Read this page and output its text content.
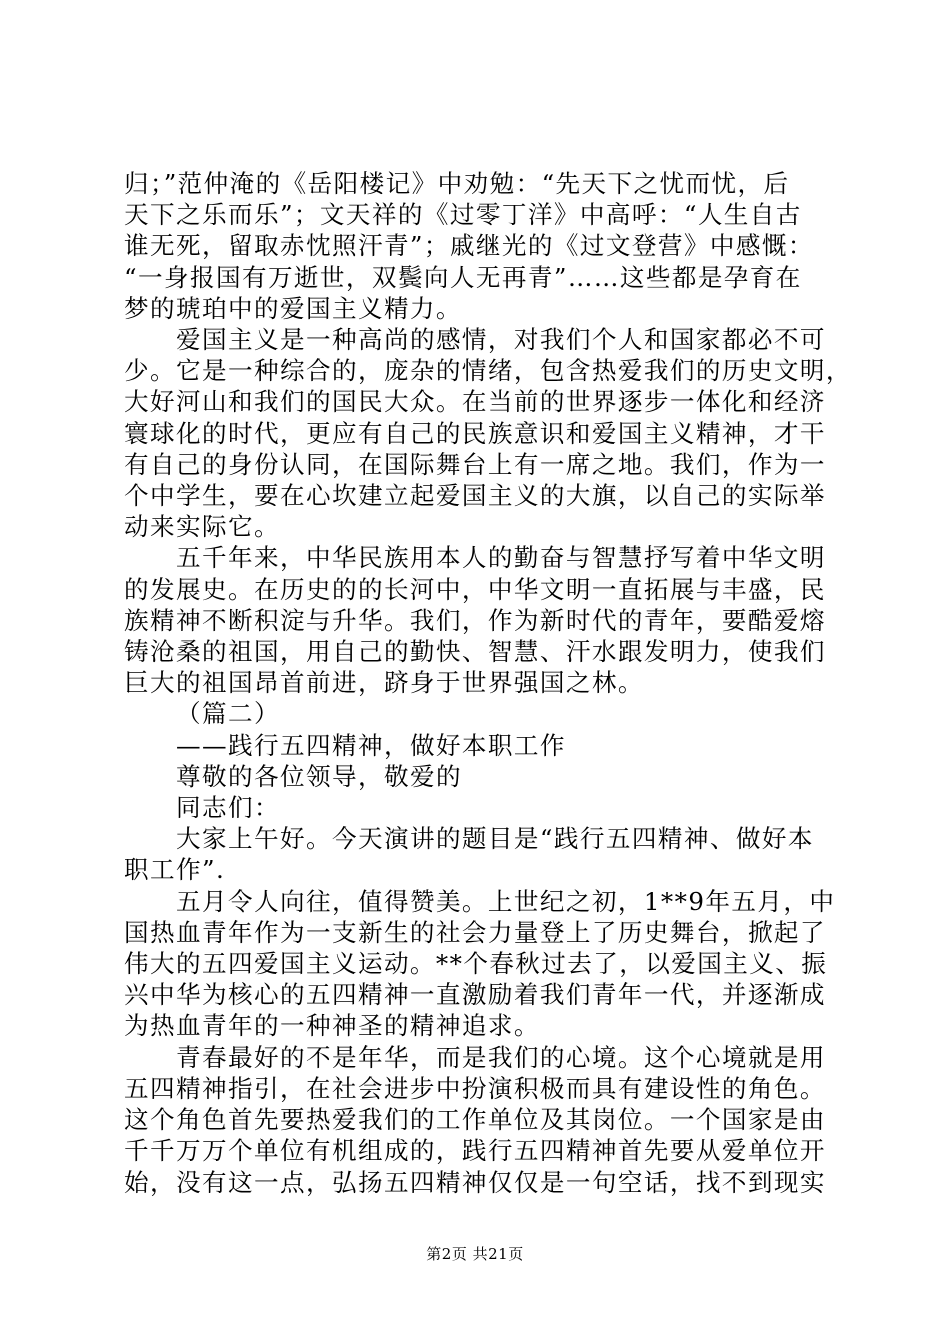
归；”范仲淹的《岳阳楼记》中劝勉：“先天下之忧而忧，后
天下之乐而乐”；文天祥的《过零丁洋》中高呼：“人生自古
谁无死，留取赤忱照汗青”；戚继光的《过文登营》中感慨：
“一身报国有万逝世，双鬓向人无再青”……这些都是孕育在
梦的琥珀中的爱国主义精力。

爱国主义是一种高尚的感情，对我们个人和国家都必不可
少。它是一种综合的，庞杂的情绪，包含热爱我们的历史文明，
大好河山和我们的国民大众。在当前的世界逐步一体化和经济
寰球化的时代，更应有自己的民族意识和爱国主义精神，才干
有自己的身份认同，在国际舞台上有一席之地。我们，作为一
个中学生，要在心坎建立起爱国主义的大旗，以自己的实际举
动来实际它。

五千年来，中华民族用本人的勤奋与智慧抒写着中华文明
的发展史。在历史的的长河中，中华文明一直拓展与丰盛，民
族精神不断积淀与升华。我们，作为新时代的青年，要酷爱熔
铸沧桑的祖国，用自己的勤快、智慧、汗水跟发明力，使我们
巨大的祖国昂首前进，跻身于世界强国之林。

（篇二）

——践行五四精神，做好本职工作

尊敬的各位领导，敬爱的
同志们：

大家上午好。今天演讲的题目是“践行五四精神、做好本
职工作”.

五月令人向往，值得赞美。上世纪之初，1**9年五月，中
国热血青年作为一支新生的社会力量登上了历史舞台，掀起了
伟大的五四爱国主义运动。**个春秋过去了，以爱国主义、振
兴中华为核心的五四精神一直激励着我们青年一代，并逐渐成
为热血青年的一种神圣的精神追求。

青春最好的不是年华，而是我们的心境。这个心境就是用
五四精神指引，在社会进步中扮演积极而具有建设性的角色。
这个角色首先要热爱我们的工作单位及其岗位。一个国家是由
千千万万个单位有机组成的，践行五四精神首先要从爱单位开
始，没有这一点，弘扬五四精神仅仅是一句空话，找不到现实

第2页 共21页
